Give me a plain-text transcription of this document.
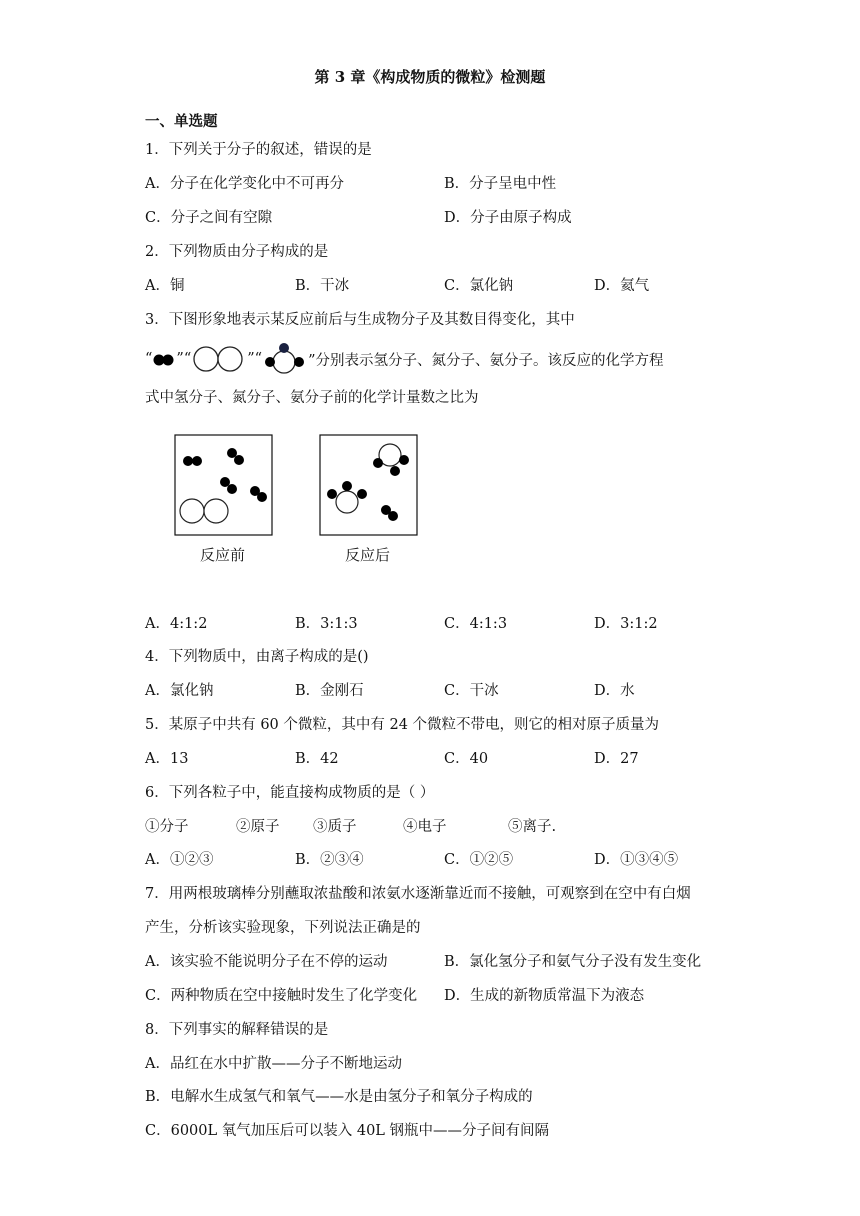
第 3 章《构成物质的微粒》检测题
一、单选题
1．下列关于分子的叙述，错误的是
A．分子在化学变化中不可再分	B．分子呈电中性
C．分子之间有空隙	D．分子由原子构成
2．下列物质由分子构成的是
A．铜	B．干冰	C．氯化钠	D．氦气
3．下图形象地表示某反应前后与生成物分子及其数目得变化，其中
“ ”“	”“	”分别表示氢分子、氮分子、氨分子。该反应的化学方程
式中氢分子、氮分子、氨分子前的化学计量数之比为
反应前	反应后
A．4:1:2	B．3:1:3	C．4:1:3	D．3:1:2
4．下列物质中，由离子构成的是()
A．氯化钠	B．金刚石	C．干冰	D．水
5．某原子中共有 60 个微粒，其中有 24 个微粒不带电，则它的相对原子质量为
A．13	B．42	C．40	D．27
6．下列各粒子中，能直接构成物质的是（ ）
①分子	②原子 ③质子	④电子	⑤离子.
A．①②③	B．②③④	C．①②⑤	D．①③④⑤
7．用两根玻璃棒分别蘸取浓盐酸和浓氨水逐渐靠近而不接触，可观察到在空中有白烟
产生，分析该实验现象，下列说法正确是的
A．该实验不能说明分子在不停的运动	B．氯化氢分子和氨气分子没有发生变化
C．两种物质在空中接触时发生了化学变化 D．生成的新物质常温下为液态
8．下列事实的解释错误的是
A．品红在水中扩散——分子不断地运动
B．电解水生成氢气和氧气——水是由氢分子和氧分子构成的
C．6000L 氧气加压后可以装入 40L 钢瓶中——分子间有间隔
